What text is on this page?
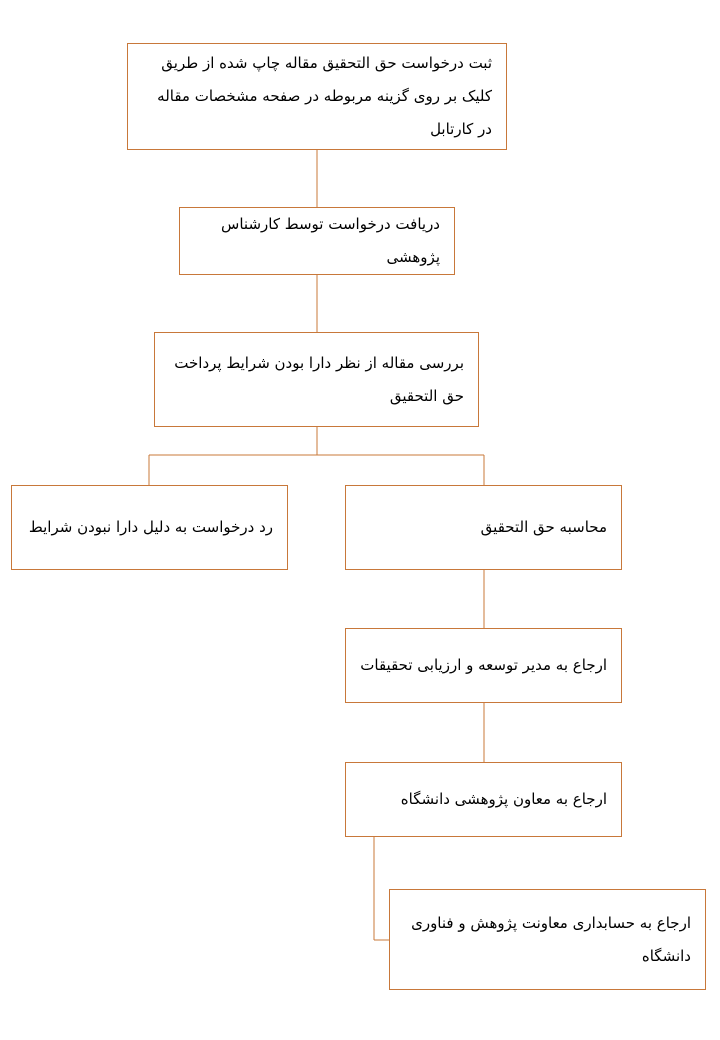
ثبت درخواست حق التحقیق مقاله چاپ شده از طریق کلیک بر روی گزینه مربوطه در صفحه مشخصات مقاله در کارتابل
دریافت درخواست توسط کارشناس پژوهشی
بررسی مقاله از نظر دارا بودن شرایط پرداخت حق التحقیق
محاسبه حق التحقیق
رد درخواست به دلیل دارا نبودن شرایط
ارجاع به مدیر توسعه و ارزیابی تحقیقات
ارجاع به معاون پژوهشی دانشگاه
ارجاع به حسابداری معاونت پژوهش و فناوری دانشگاه
